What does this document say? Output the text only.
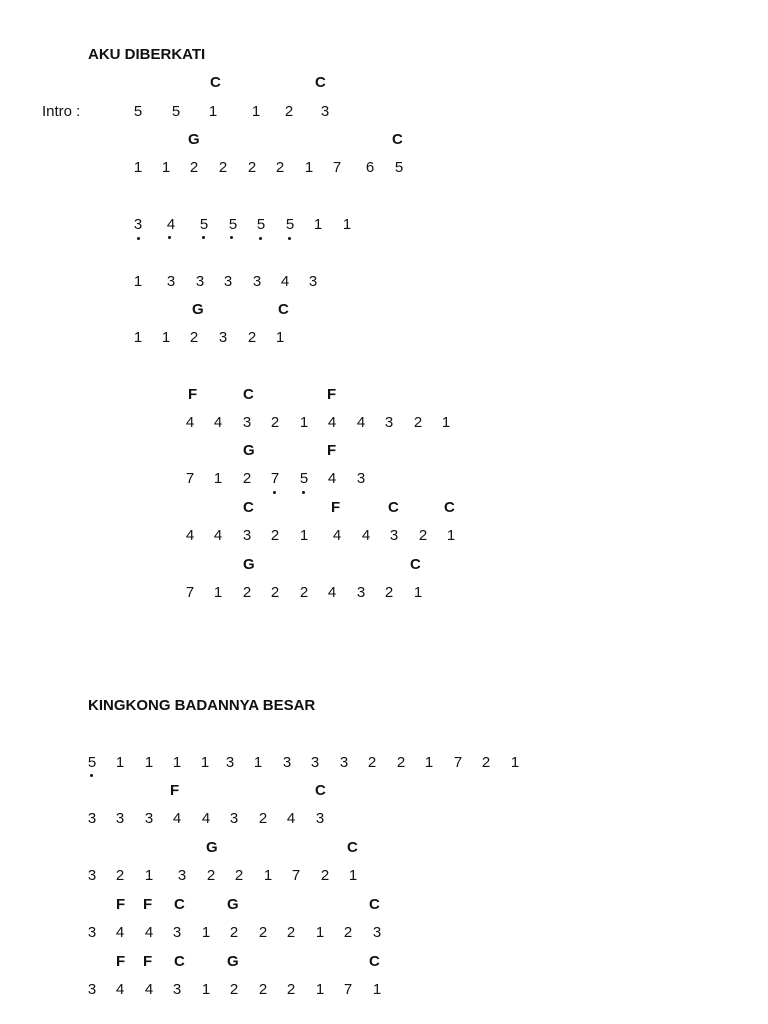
AKU DIBERKATI
C	C
Intro :	5 5 1 1 2 3
G	C
1 1 2 2 2 2 1 7 6 5
3 4 5 5 5 5 1 1
1 3 3 3 3 4 3
G	C
1 1 2 3 2 1
F	C	F
4 4 3 2 1 4 4 3 2 1
G	F
7 1 2 7 5 4 3
C	F	C	C
4 4 3 2 1 4 4 3 2 1
G	C
7 1 2 2 2 4 3 2 1
KINGKONG BADANNYA BESAR
5 1 1 1 1 3 1 3 3 3 2 2 1 7 2 1
F	C
3 3 3 4 4 3 2 4 3
G	C
3 2 1 3 2 2 1 7 2 1
F F C	G	C
3 4 4 3 1 2 2 2 1 2 3
F F C	G	C
3 4 4 3 1 2 2 2 1 7 1
